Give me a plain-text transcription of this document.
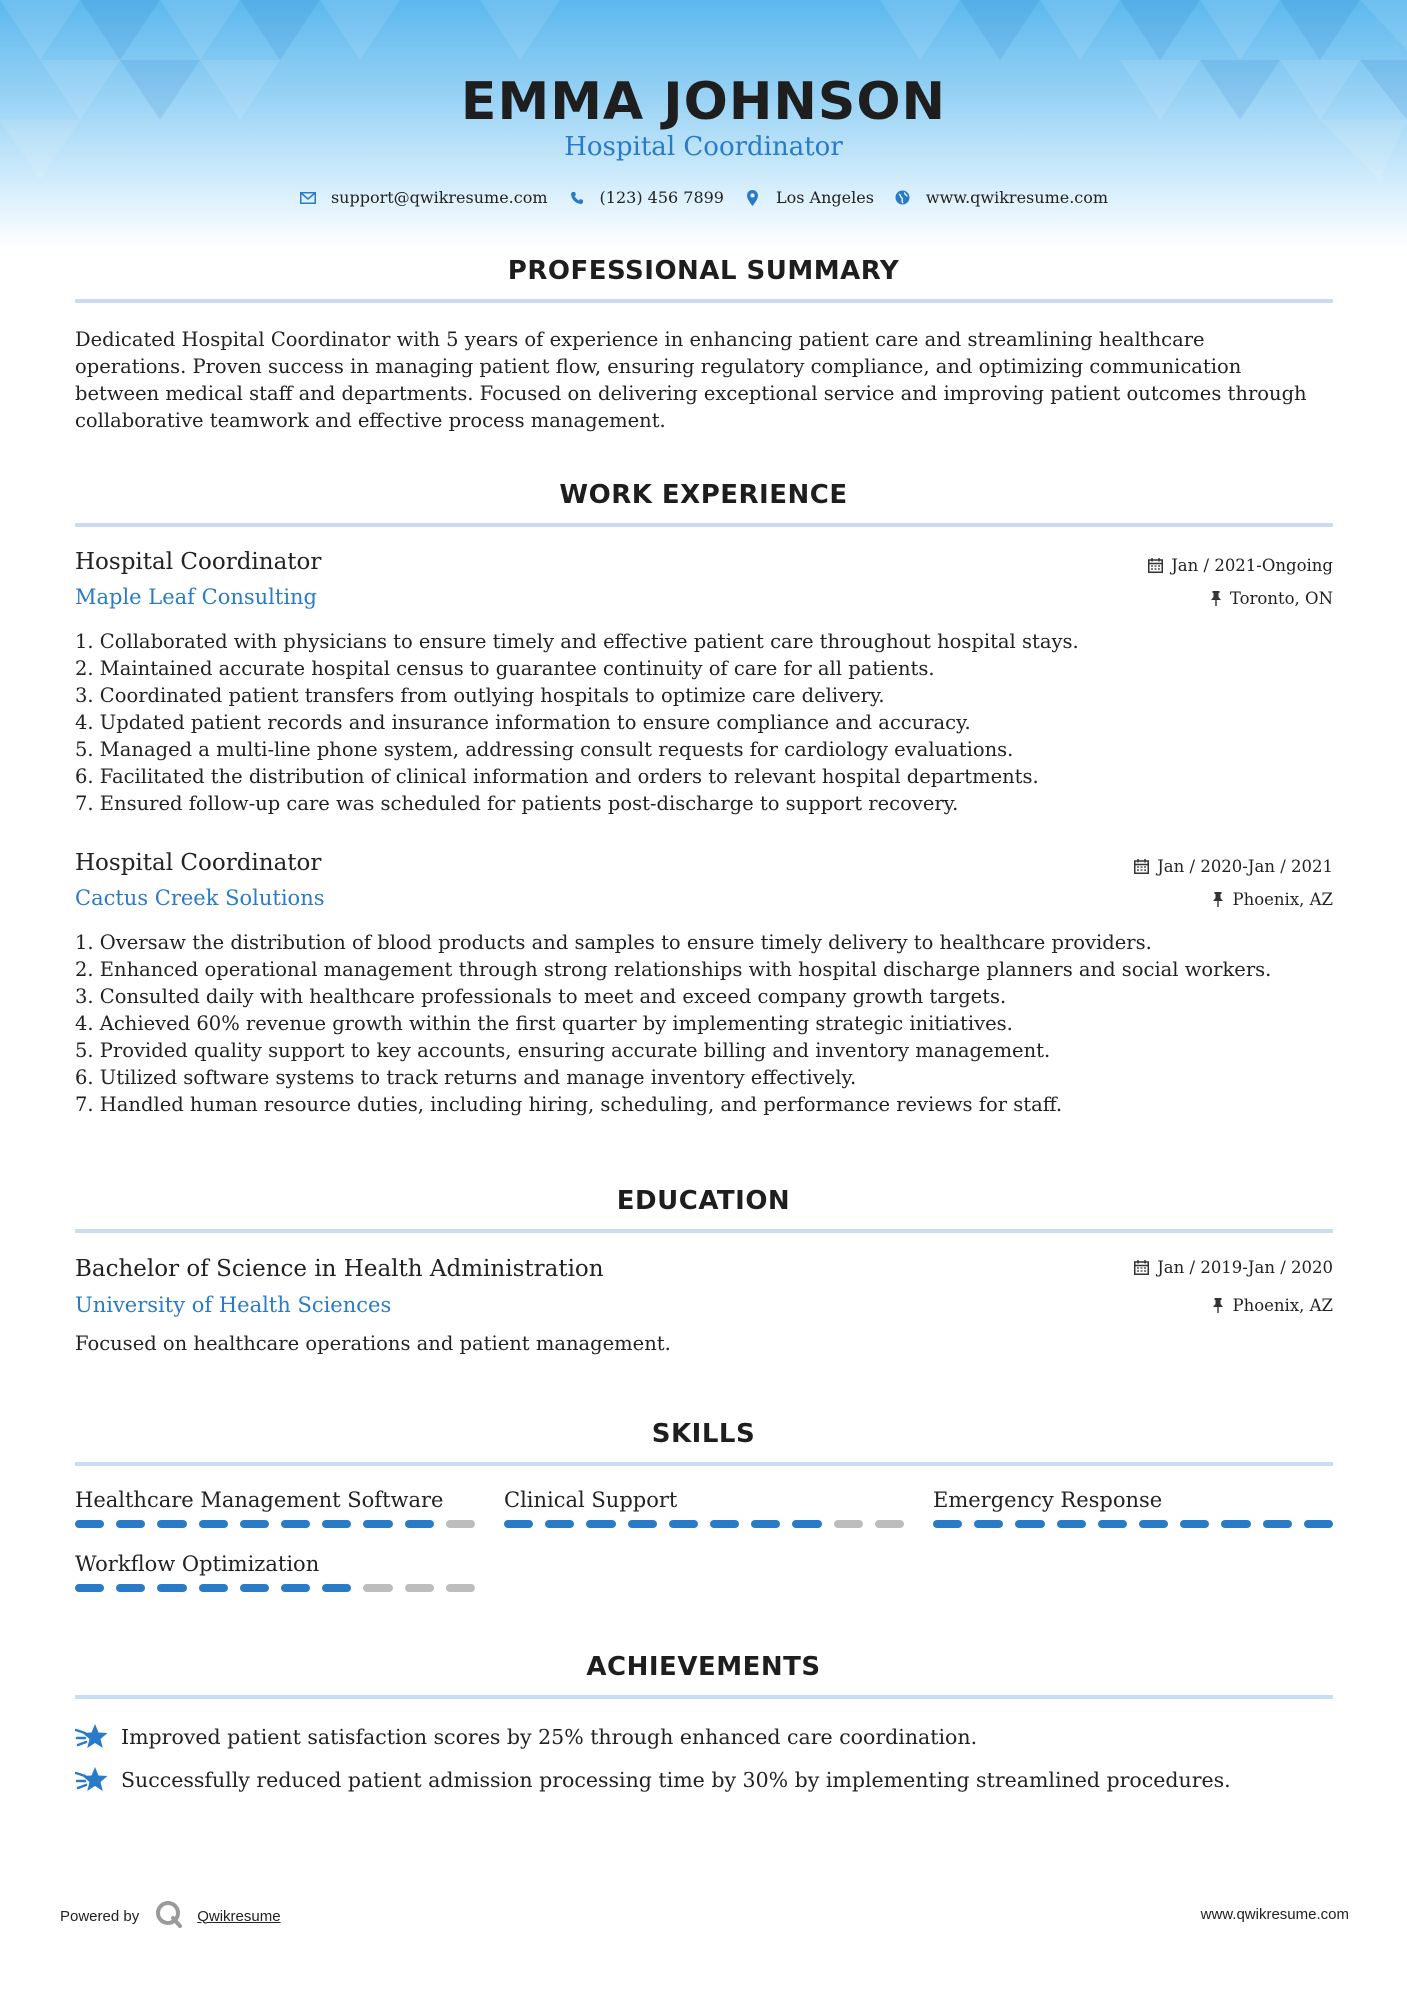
EMMA JOHNSON
Hospital Coordinator
support@qwikresume.com	(123) 456 7899	Los Angeles	www.qwikresume.com
PROFESSIONAL SUMMARY
Dedicated Hospital Coordinator with 5 years of experience in enhancing patient care and streamlining healthcare
operations. Proven success in managing patient flow, ensuring regulatory compliance, and optimizing communication
between medical staff and departments. Focused on delivering exceptional service and improving patient outcomes through
collaborative teamwork and effective process management.
WORK EXPERIENCE
Hospital Coordinator	Jan / 2021-Ongoing
Maple Leaf Consulting	Toronto, ON
1. Collaborated with physicians to ensure timely and effective patient care throughout hospital stays.
2. Maintained accurate hospital census to guarantee continuity of care for all patients.
3. Coordinated patient transfers from outlying hospitals to optimize care delivery.
4. Updated patient records and insurance information to ensure compliance and accuracy.
5. Managed a multi-line phone system, addressing consult requests for cardiology evaluations.
6. Facilitated the distribution of clinical information and orders to relevant hospital departments.
7. Ensured follow-up care was scheduled for patients post-discharge to support recovery.
Hospital Coordinator	Jan / 2020-Jan / 2021
Cactus Creek Solutions	Phoenix, AZ
1. Oversaw the distribution of blood products and samples to ensure timely delivery to healthcare providers.
2. Enhanced operational management through strong relationships with hospital discharge planners and social workers.
3. Consulted daily with healthcare professionals to meet and exceed company growth targets.
4. Achieved 60% revenue growth within the first quarter by implementing strategic initiatives.
5. Provided quality support to key accounts, ensuring accurate billing and inventory management.
6. Utilized software systems to track returns and manage inventory effectively.
7. Handled human resource duties, including hiring, scheduling, and performance reviews for staff.
EDUCATION
Bachelor of Science in Health Administration	Jan / 2019-Jan / 2020
University of Health Sciences	Phoenix, AZ
Focused on healthcare operations and patient management.
SKILLS
Healthcare Management Software	Clinical Support	Emergency Response
Workflow Optimization
ACHIEVEMENTS
Improved patient satisfaction scores by 25% through enhanced care coordination.
Successfully reduced patient admission processing time by 30% by implementing streamlined procedures.
Powered by	Qwikresume	www.qwikresume.com
